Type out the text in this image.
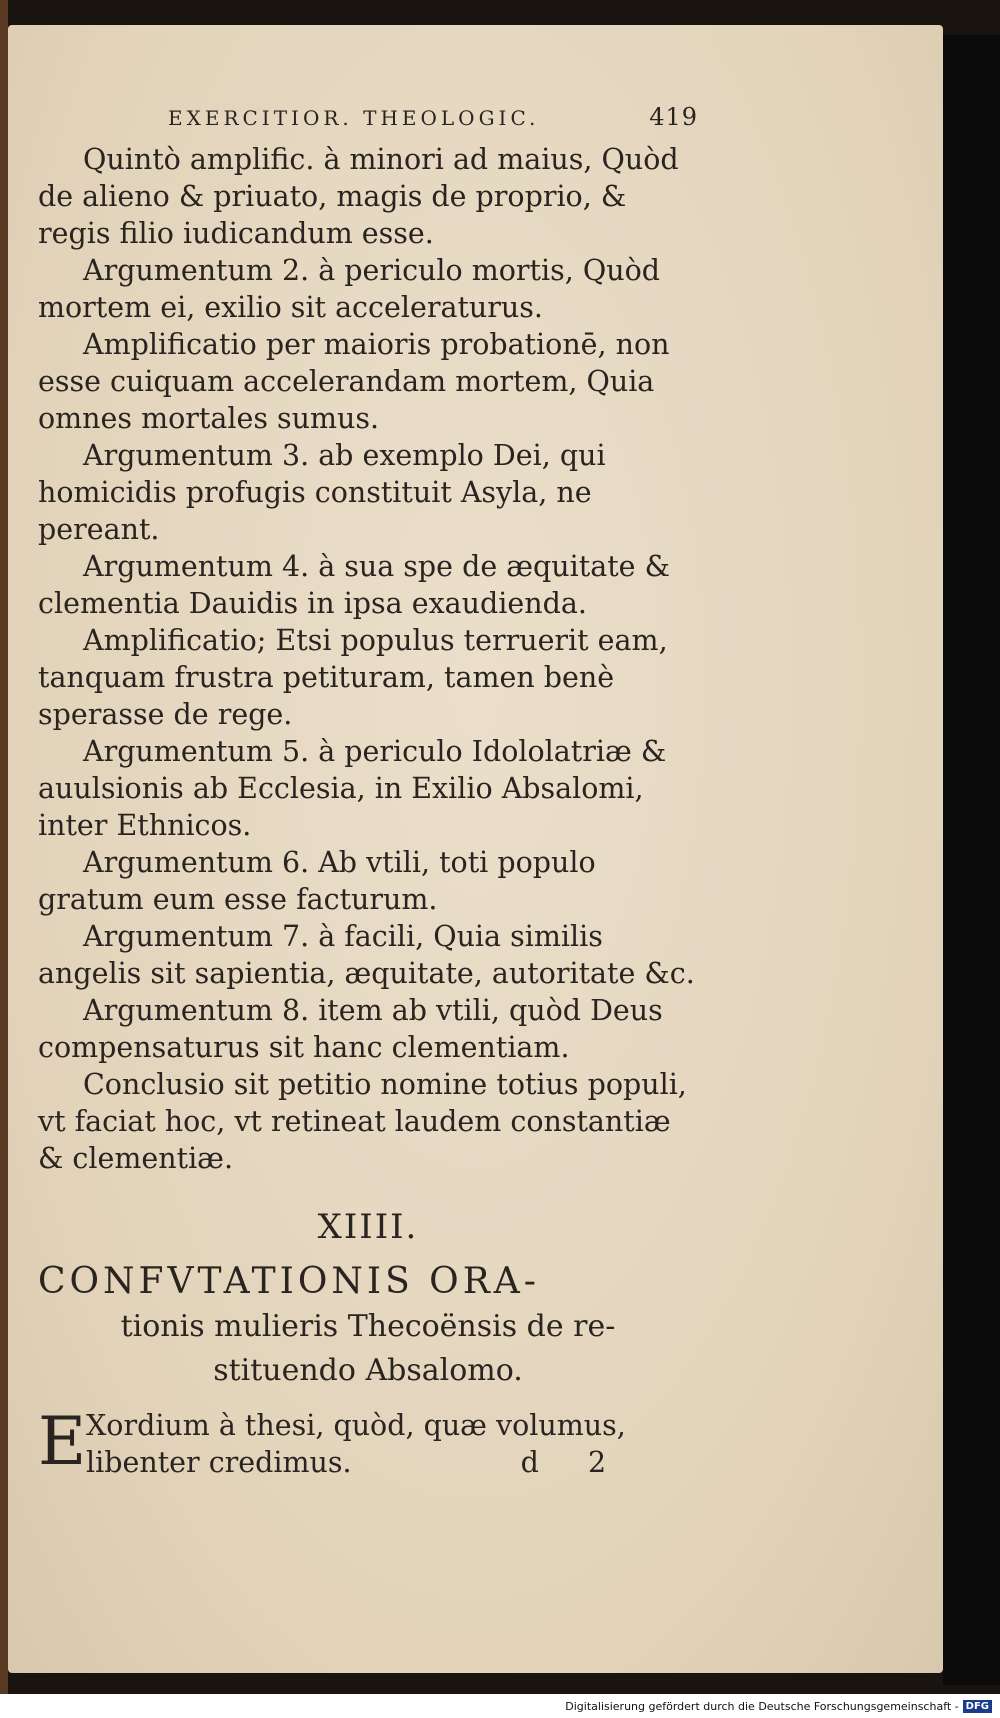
EXERCITIOR. THEOLOGIC.	419

Quintò amplific. à minori ad maius, Quòd de alieno & priuato, magis de proprio, & regis filio iudicandum esse.

Argumentum 2. à periculo mortis, Quòd mortem ei, exilio sit acceleraturus.

Amplificatio per maioris probationē, non esse cuiquam accelerandam mortem, Quia omnes mortales sumus.

Argumentum 3. ab exemplo Dei, qui homicidis profugis constituit Asyla, ne pereant.

Argumentum 4. à sua spe de æquitate & clementia Dauidis in ipsa exaudienda.

Amplificatio; Etsi populus terruerit eam, tanquam frustra petituram, tamen benè sperasse de rege.

Argumentum 5. à periculo Idololatriæ & auulsionis ab Ecclesia, in Exilio Absalomi, inter Ethnicos.

Argumentum 6. Ab vtili, toti populo gratum eum esse facturum.

Argumentum 7. à facili, Quia similis angelis sit sapientia, æquitate, autoritate &c.

Argumentum 8. item ab vtili, quòd Deus compensaturus sit hanc clementiam.

Conclusio sit petitio nomine totius populi, vt faciat hoc, vt retineat laudem constantiæ & clementiæ.

XIIII.

CONFVTATIONIS ORA-

tionis mulieris Thecoënsis de re-

stituendo Absalomo.

E Xordium à thesi, quòd, quæ volumus, libenter credimus.	d 2
Digitalisierung gefördert durch die Deutsche Forschungsgemeinschaft - DFG
